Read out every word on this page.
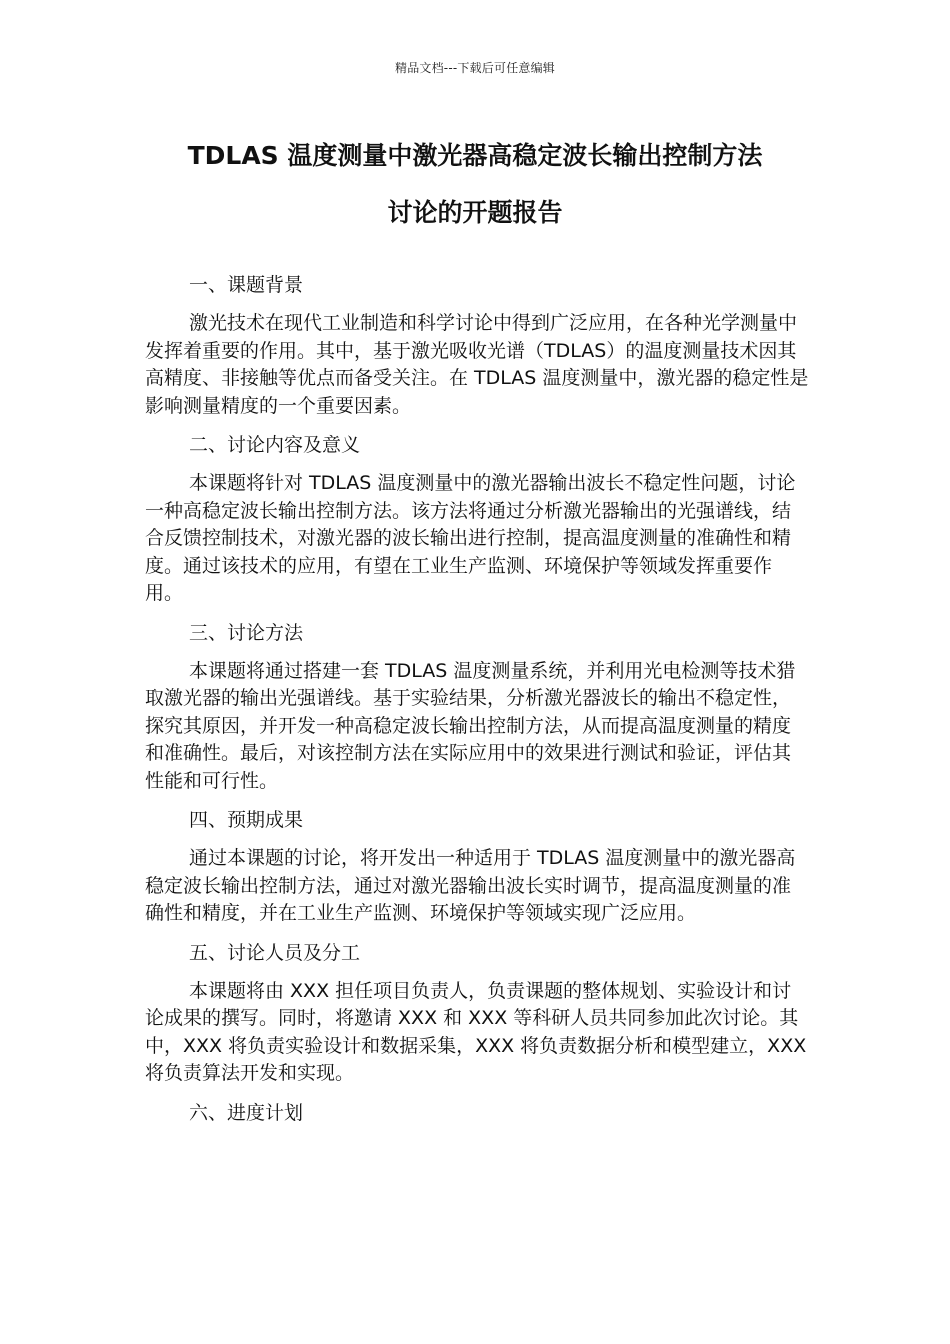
精品文档---下载后可任意编辑
TDLAS 温度测量中激光器高稳定波长输出控制方法
讨论的开题报告
一、课题背景

激光技术在现代工业制造和科学讨论中得到广泛应用，在各种光学测量中发挥着重要的作用。其中，基于激光吸收光谱（TDLAS）的温度测量技术因其高精度、非接触等优点而备受关注。在 TDLAS 温度测量中，激光器的稳定性是影响测量精度的一个重要因素。

二、讨论内容及意义

本课题将针对 TDLAS 温度测量中的激光器输出波长不稳定性问题，讨论一种高稳定波长输出控制方法。该方法将通过分析激光器输出的光强谱线，结合反馈控制技术，对激光器的波长输出进行控制，提高温度测量的准确性和精度。通过该技术的应用，有望在工业生产监测、环境保护等领域发挥重要作用。

三、讨论方法

本课题将通过搭建一套 TDLAS 温度测量系统，并利用光电检测等技术猎取激光器的输出光强谱线。基于实验结果，分析激光器波长的输出不稳定性，探究其原因，并开发一种高稳定波长输出控制方法，从而提高温度测量的精度和准确性。最后，对该控制方法在实际应用中的效果进行测试和验证，评估其性能和可行性。

四、预期成果

通过本课题的讨论，将开发出一种适用于 TDLAS 温度测量中的激光器高稳定波长输出控制方法，通过对激光器输出波长实时调节，提高温度测量的准确性和精度，并在工业生产监测、环境保护等领域实现广泛应用。

五、讨论人员及分工

本课题将由 XXX 担任项目负责人，负责课题的整体规划、实验设计和讨论成果的撰写。同时，将邀请 XXX 和 XXX 等科研人员共同参加此次讨论。其中，XXX 将负责实验设计和数据采集，XXX 将负责数据分析和模型建立，XXX 将负责算法开发和实现。

六、进度计划
